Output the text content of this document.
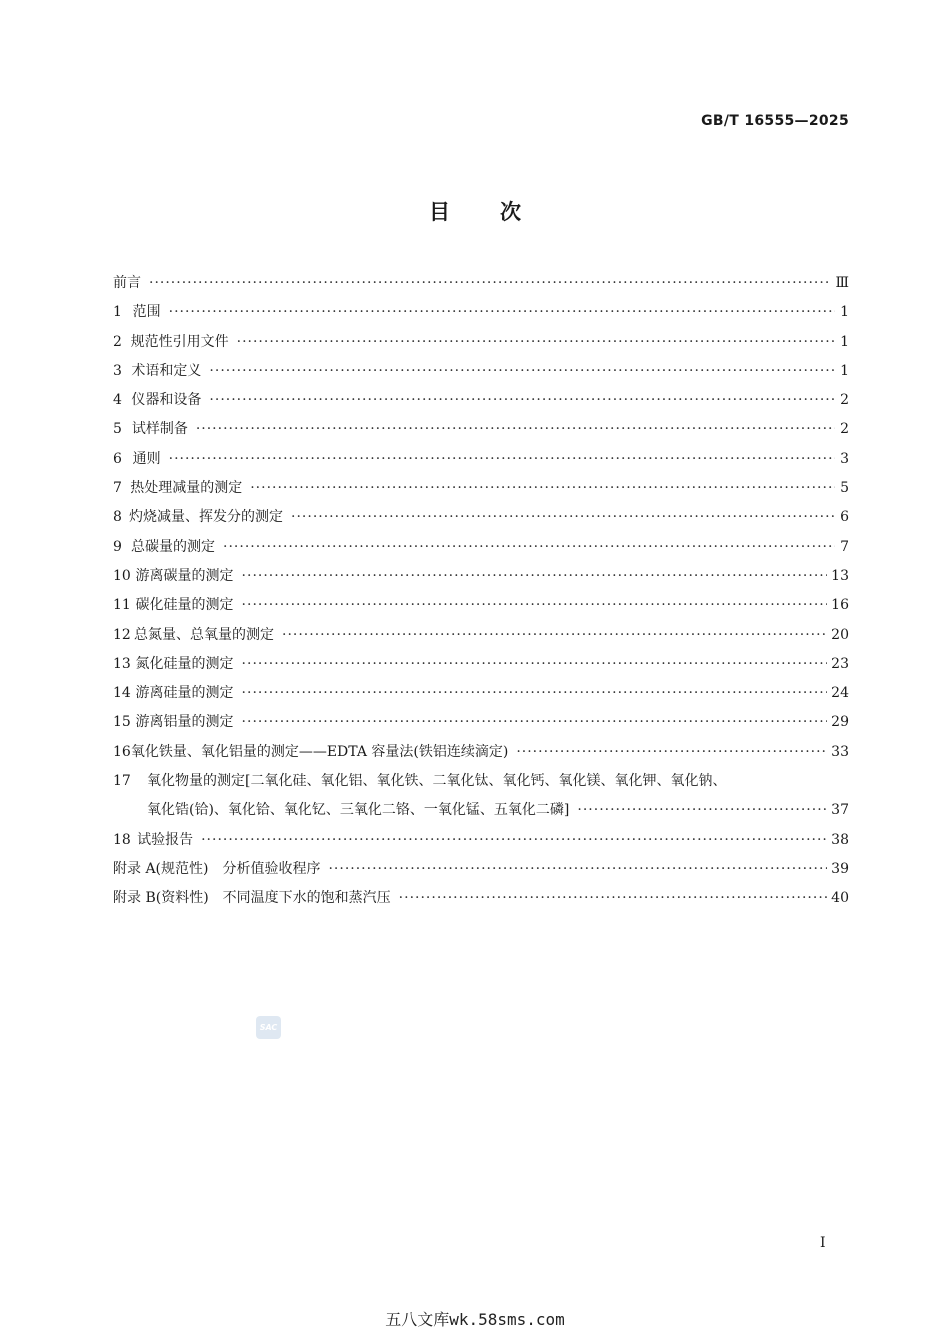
GB/T 16555—2025
目 次
前言 ·····	Ⅲ
1 范围 ·····	1
2 规范性引用文件 ·····	1
3 术语和定义 ·····	1
4 仪器和设备 ·····	2
5 试样制备 ·····	2
6 通则 ·····	3
7 热处理减量的测定 ·····	5
8 灼烧减量、挥发分的测定 ·····	6
9 总碳量的测定 ·····	7
10 游离碳量的测定 ·····	13
11 碳化硅量的测定 ·····	16
12 总氮量、总氧量的测定 ·····	20
13 氮化硅量的测定 ·····	23
14 游离硅量的测定 ·····	24
15 游离铝量的测定 ·····	29
16 氧化铁量、氧化铝量的测定——EDTA 容量法(铁铝连续滴定) ·····	33
17	氧化物量的测定[二氧化硅、氧化铝、氧化铁、二氧化钛、氧化钙、氧化镁、氧化钾、氧化钠、
氧化锆(铪)、氧化铪、氧化钇、三氧化二铬、一氧化锰、五氧化二磷] ·····	37
18 试验报告 ·····	38
附录 A(规范性)　分析值验收程序 ·····	39
附录 B(资料性)　不同温度下水的饱和蒸汽压 ·····	40
SAC
I
五八文库wk.58sms.com
